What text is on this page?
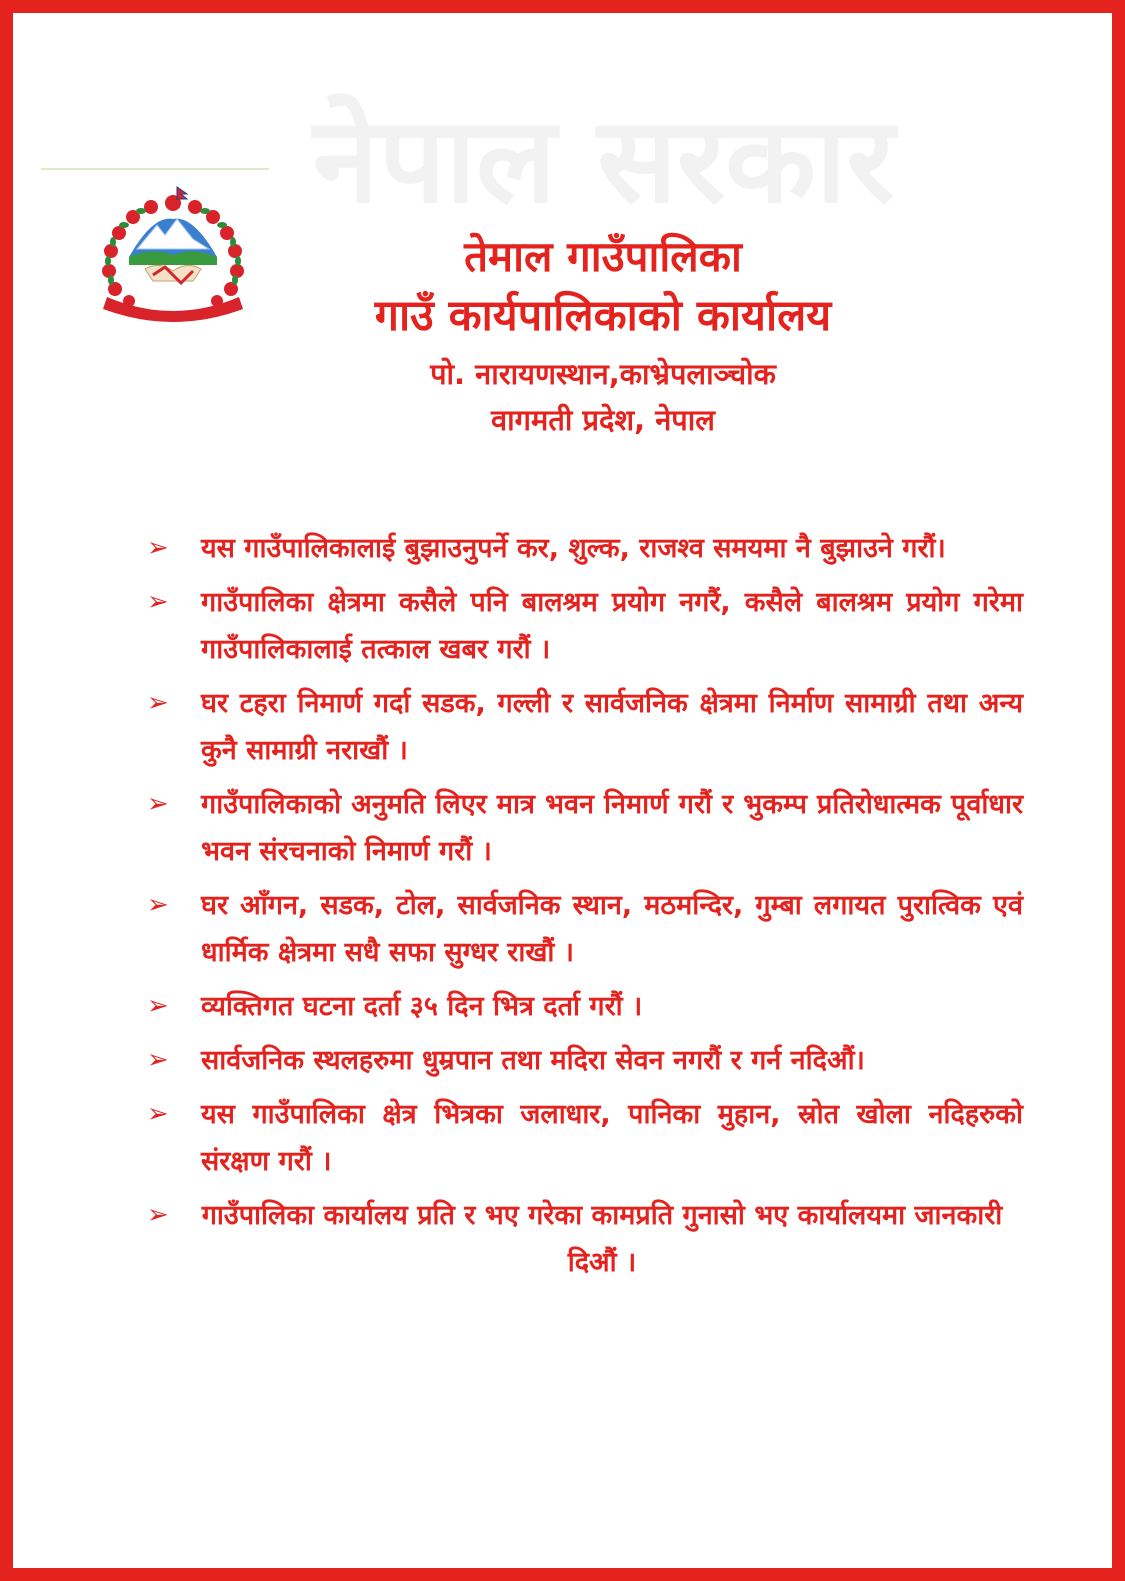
नेपाल सरकार
तेमाल गाउँपालिका
गाउँ कार्यपालिकाको कार्यालय
पो. नारायणस्थान,काभ्रेपलाञ्चोक
वागमती प्रदेश, नेपाल
➢ यस गाउँपालिकालाई बुझाउनुपर्ने कर, शुल्क, राजश्व समयमा नै बुझाउने गरौं।
➢ गाउँपालिका क्षेत्रमा कसैले पनि बालश्रम प्रयोग नगरैं, कसैले बालश्रम प्रयोग गरेमा गाउँपालिकालाई तत्काल खबर गरौं ।
➢ घर टहरा निमार्ण गर्दा सडक, गल्ली र सार्वजनिक क्षेत्रमा निर्माण सामाग्री तथा अन्य कुनै सामाग्री नराखौं ।
➢ गाउँपालिकाको अनुमति लिएर मात्र भवन निमार्ण गरौं र भुकम्प प्रतिरोधात्मक पूर्वाधार भवन संरचनाको निमार्ण गरौं ।
➢ घर आँगन, सडक, टोल, सार्वजनिक स्थान, मठमन्दिर, गुम्बा लगायत पुरात्विक एवं धार्मिक क्षेत्रमा सधै सफा सुग्धर राखौं ।
➢ व्यक्तिगत घटना दर्ता ३५ दिन भित्र दर्ता गरौं ।
➢ सार्वजनिक स्थलहरुमा धुम्रपान तथा मदिरा सेवन नगरौं र गर्न नदिऔं।
➢ यस गाउँपालिका क्षेत्र भित्रका जलाधार, पानिका मुहान, स्रोत खोला नदिहरुको संरक्षण गरौं ।
➢ गाउँपालिका कार्यालय प्रति र भए गरेका कामप्रति गुनासो भए कार्यालयमा जानकारी दिऔं ।
